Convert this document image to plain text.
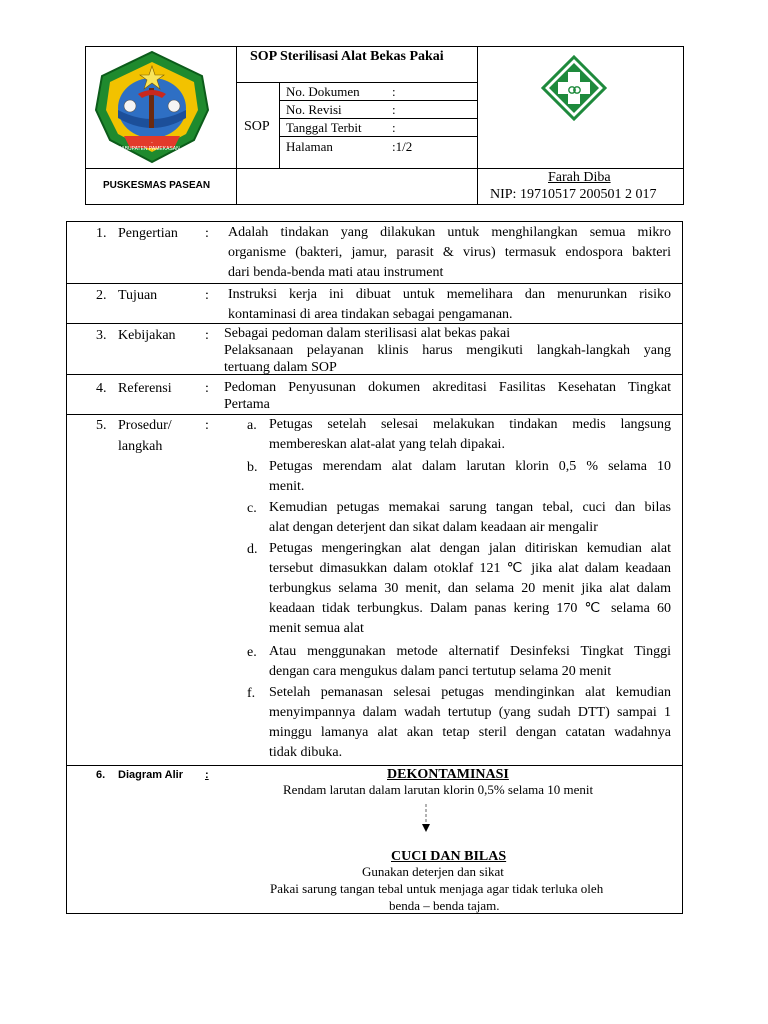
·
KABUPATEN PAMEKASAN
SOP Sterilisasi Alat Bekas Pakai
SOP
No. Dokumen :
No. Revisi	:
Tanggal Terbit :
Halaman	:1/2
PUSKESMAS PASEAN
Farah Diba
NIP: 19710517 200501 2 017
1. Pengertian : Adalah tindakan yang dilakukan untuk menghilangkan semua mikro
organisme (bakteri, jamur, parasit & virus) termasuk endospora bakteri
dari benda-benda mati atau instrument
2. Tujuan	: Instruksi kerja ini dibuat untuk memelihara dan menurunkan risiko
kontaminasi di area tindakan sebagai pengamanan.
3. Kebijakan : Sebagai pedoman dalam sterilisasi alat bekas pakai
Pelaksanaan pelayanan klinis harus mengikuti langkah-langkah yang
tertuang dalam SOP
4. Referensi : Pedoman Penyusunan dokumen akreditasi Fasilitas Kesehatan Tingkat
Pertama
5. Prosedur/
langkah
:	a. Petugas setelah selesai melakukan tindakan medis langsung
membereskan alat-alat yang telah dipakai.
b. Petugas merendam alat dalam larutan klorin 0,5 % selama 10
menit.
c. Kemudian petugas memakai sarung tangan tebal, cuci dan bilas
alat dengan deterjent dan sikat dalam keadaan air mengalir
d. Petugas mengeringkan alat dengan jalan ditiriskan kemudian alat
tersebut dimasukkan dalam otoklaf 121 ℃ jika alat dalam keadaan
terbungkus selama 30 menit, dan selama 20 menit jika alat dalam
keadaan tidak terbungkus. Dalam panas kering 170 ℃ selama 60
menit semua alat
e. Atau menggunakan metode alternatif Desinfeksi Tingkat Tinggi
dengan cara mengukus dalam panci tertutup selama 20 menit
f. Setelah pemanasan selesai petugas mendinginkan alat kemudian
menyimpannya dalam wadah tertutup (yang sudah DTT) sampai 1
minggu lamanya alat akan tetap steril dengan catatan wadahnya
tidak dibuka.
6. Diagram Alir :	DEKONTAMINASI
Rendam larutan dalam larutan klorin 0,5% selama 10 menit
CUCI DAN BILAS
Gunakan deterjen dan sikat
Pakai sarung tangan tebal untuk menjaga agar tidak terluka oleh
benda – benda tajam.
